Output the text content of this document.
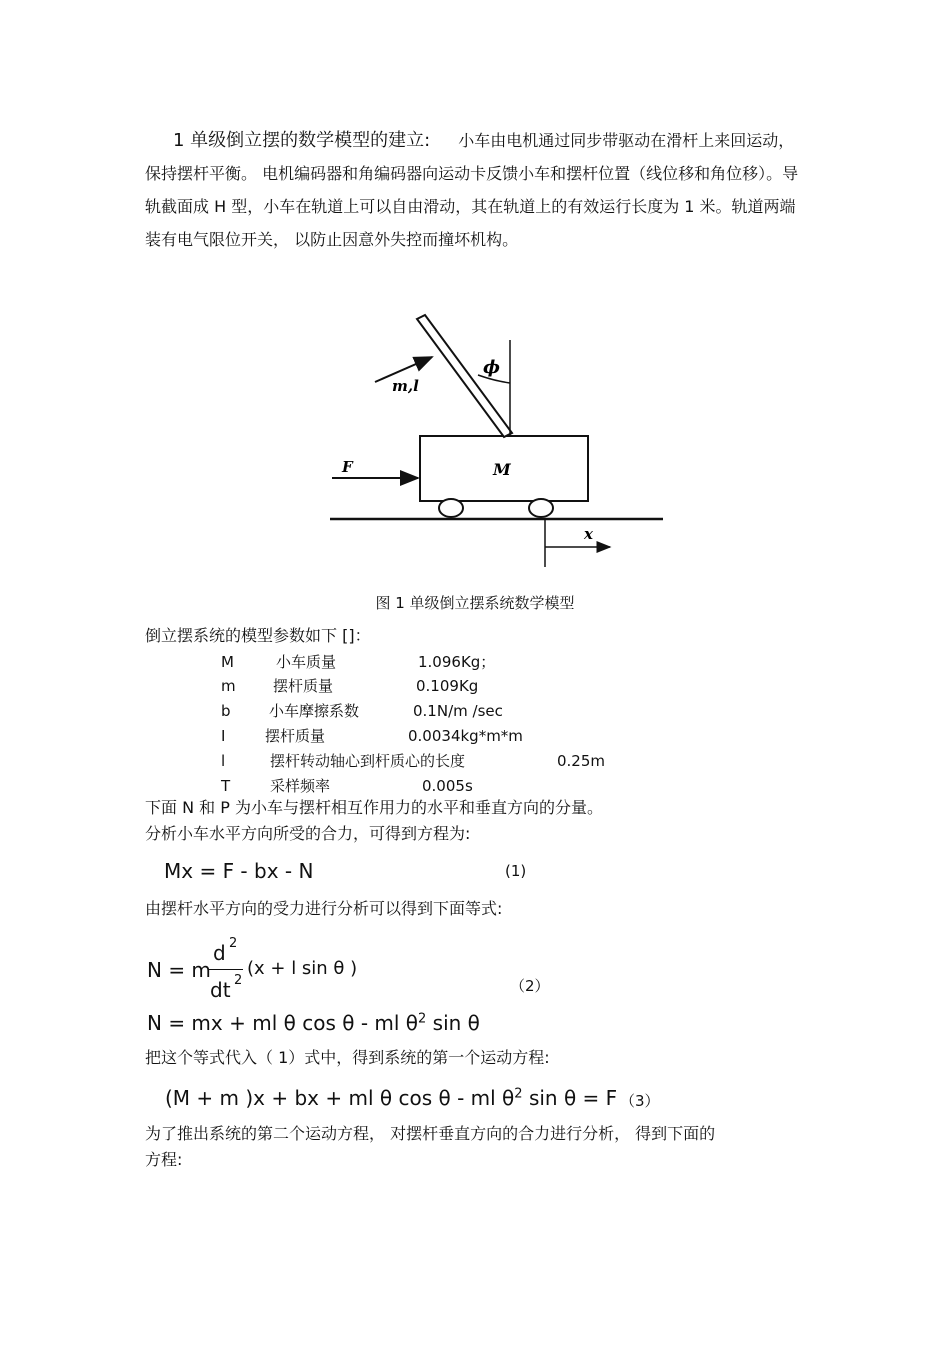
1 单级倒立摆的数学模型的建立: 小车由电机通过同步带驱动在滑杆上来回运动， 保持摆杆平衡。 电机编码器和角编码器向运动卡反馈小车和摆杆位置（线位移和角位移）。导轨截面成 H 型，小车在轨道上可以自由滑动，其在轨道上的有效运行长度为 1 米。轨道两端装有电气限位开关， 以防止因意外失控而撞坏机构。
m,l
ϕ
M
F
x
图 1 单级倒立摆系统数学模型
倒立摆系统的模型参数如下 []：
M	小车质量	1.096Kg；
m 摆杆质量	0.109Kg
b	小车摩擦系数	0.1N/m /sec
I	摆杆质量	0.0034kg*m*m
l	摆杆转动轴心到杆质心的长度	0.25m
T	采样频率	0.005s
下面 N 和 P 为小车与摆杆相互作用力的水平和垂直方向的分量。
分析小车水平方向所受的合力，可得到方程为:
Mx = F - bx - N	(1)
由摆杆水平方向的受力进行分析可以得到下面等式:
N = m
d 2
dt 2
(x + l sin θ )
（2）
N = mx + ml θ cos θ - ml $\theta^2$ sin θ
把这个等式代入（ 1）式中，得到系统的第一个运动方程:
(M + m )x + bx + ml θ cos θ - ml $\theta^2$ sin θ = F （3）
为了推出系统的第二个运动方程， 对摆杆垂直方向的合力进行分析， 得到下面的
方程:
